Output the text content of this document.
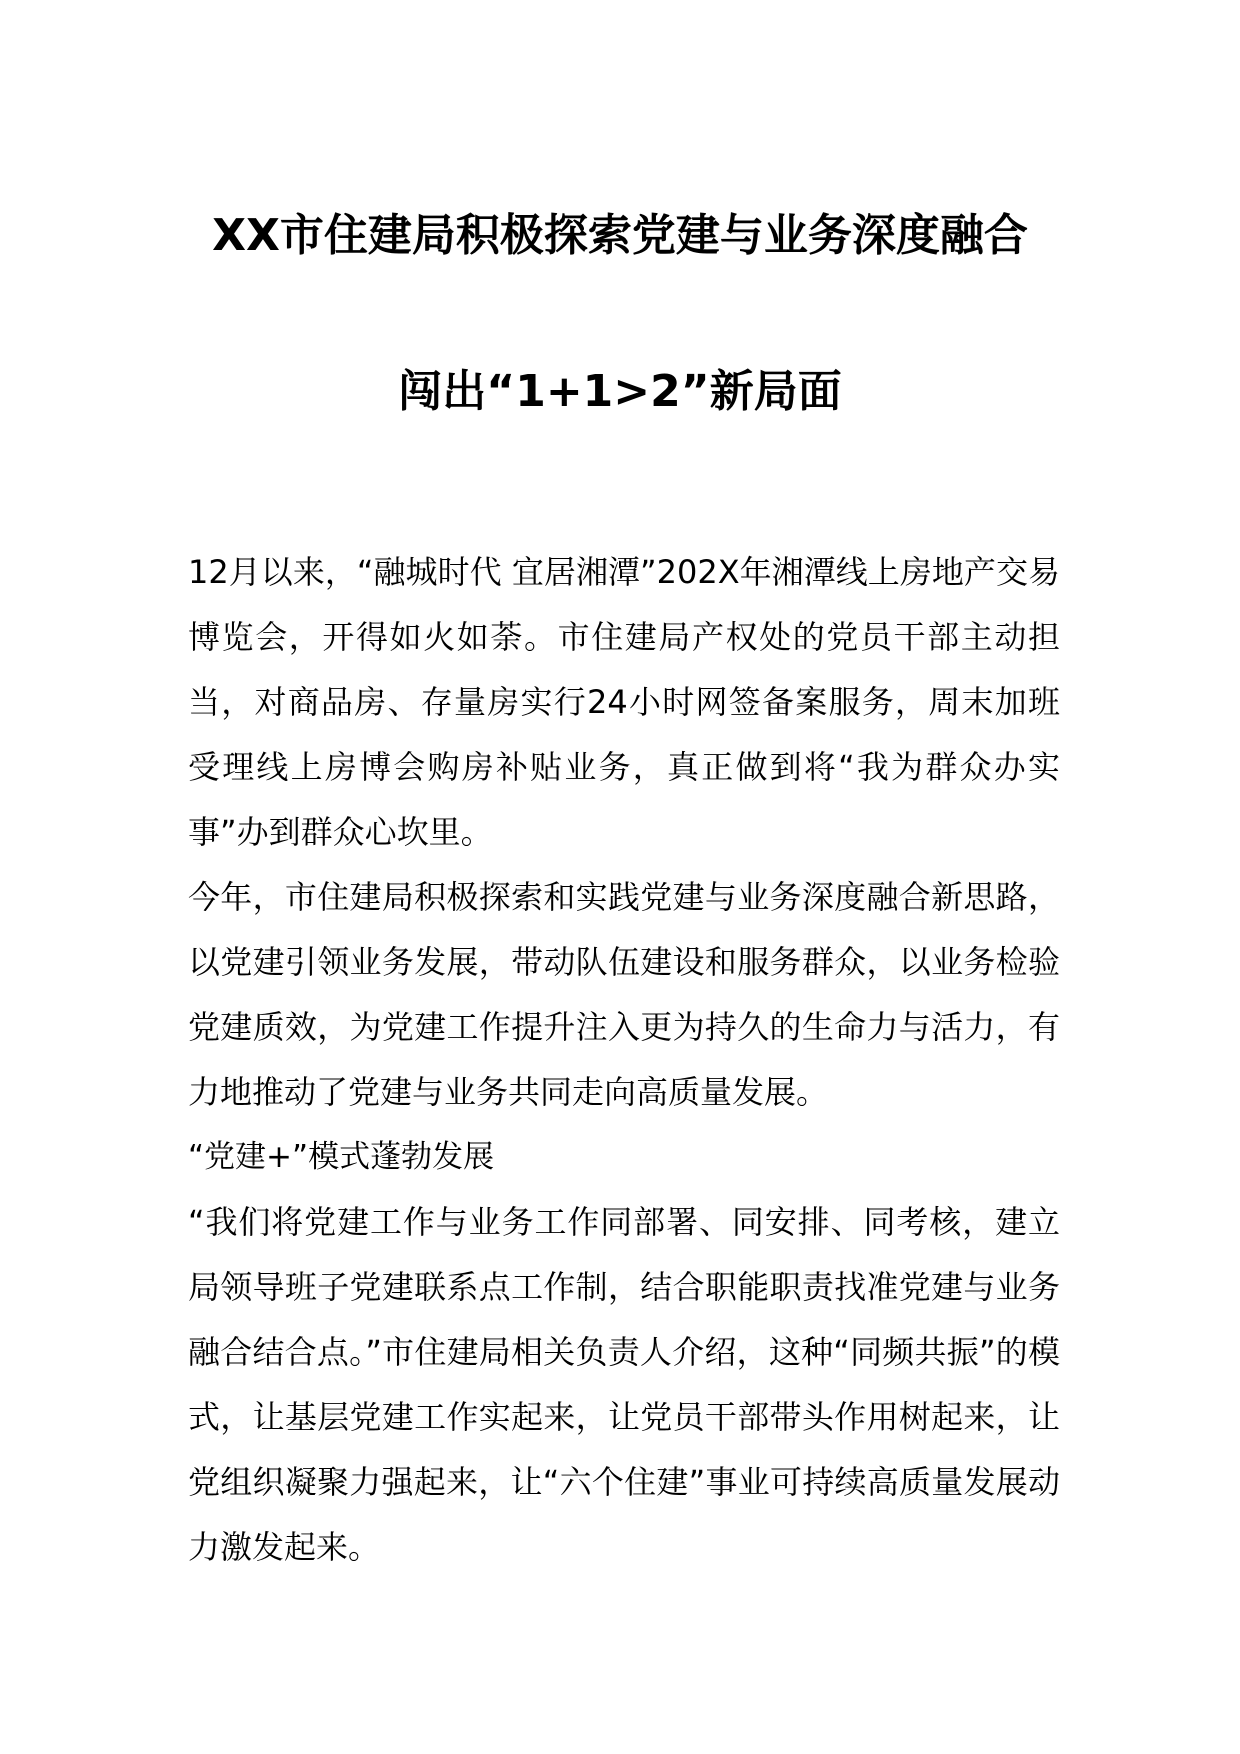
XX市住建局积极探索党建与业务深度融合
闯出“1+1>2”新局面

12月以来，“融城时代 宜居湘潭”202X年湘潭线上房地产交易博览会，开得如火如荼。市住建局产权处的党员干部主动担当，对商品房、存量房实行24小时网签备案服务，周末加班受理线上房博会购房补贴业务，真正做到将“我为群众办实事”办到群众心坎里。

今年，市住建局积极探索和实践党建与业务深度融合新思路，以党建引领业务发展，带动队伍建设和服务群众，以业务检验党建质效，为党建工作提升注入更为持久的生命力与活力，有力地推动了党建与业务共同走向高质量发展。

“党建+”模式蓬勃发展

“我们将党建工作与业务工作同部署、同安排、同考核，建立局领导班子党建联系点工作制，结合职能职责找准党建与业务融合结合点。”市住建局相关负责人介绍，这种“同频共振”的模式，让基层党建工作实起来，让党员干部带头作用树起来，让党组织凝聚力强起来，让“六个住建”事业可持续高质量发展动力激发起来。
